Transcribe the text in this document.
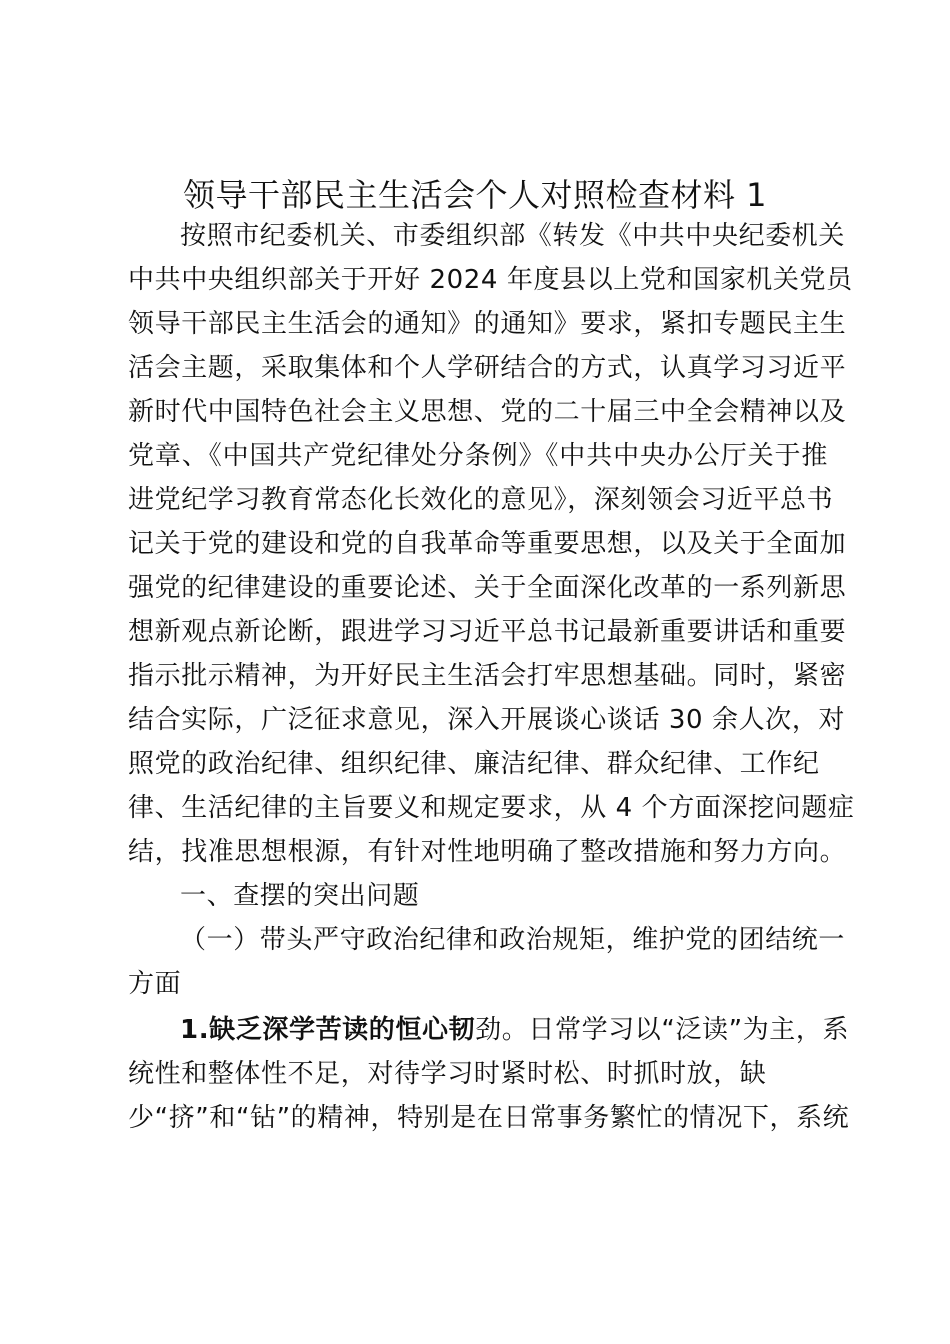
领导干部民主生活会个人对照检查材料 1
按照市纪委机关、市委组织部《转发《中共中央纪委机关
中共中央组织部关于开好 2024 年度县以上党和国家机关党员
领导干部民主生活会的通知》的通知》要求，紧扣专题民主生
活会主题，采取集体和个人学研结合的方式，认真学习习近平
新时代中国特色社会主义思想、党的二十届三中全会精神以及
党章、《中国共产党纪律处分条例》《中共中央办公厅关于推
进党纪学习教育常态化长效化的意见》，深刻领会习近平总书
记关于党的建设和党的自我革命等重要思想，以及关于全面加
强党的纪律建设的重要论述、关于全面深化改革的一系列新思
想新观点新论断，跟进学习习近平总书记最新重要讲话和重要
指示批示精神，为开好民主生活会打牢思想基础。同时，紧密
结合实际，广泛征求意见，深入开展谈心谈话 30 余人次，对
照党的政治纪律、组织纪律、廉洁纪律、群众纪律、工作纪
律、生活纪律的主旨要义和规定要求，从 4 个方面深挖问题症
结，找准思想根源，有针对性地明确了整改措施和努力方向。
一、查摆的突出问题
（一）带头严守政治纪律和政治规矩，维护党的团结统一
方面
1.缺乏深学苦读的恒心韧劲。日常学习以“泛读”为主，系
统性和整体性不足，对待学习时紧时松、时抓时放，缺
少“挤”和“钻”的精神，特别是在日常事务繁忙的情况下，系统
